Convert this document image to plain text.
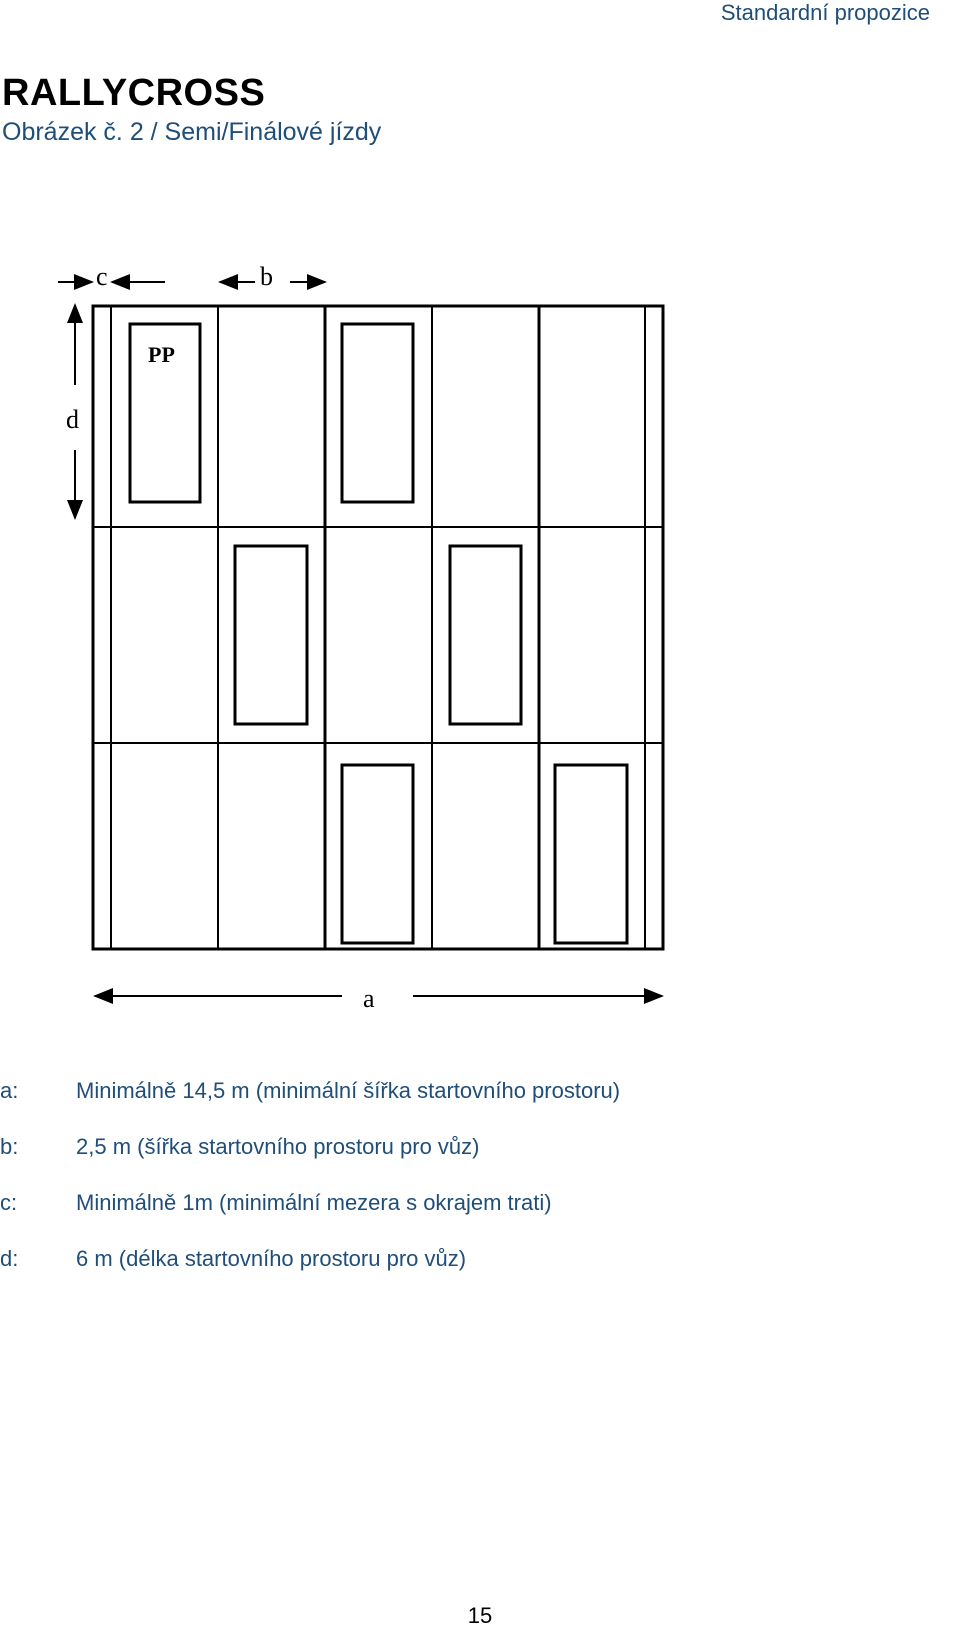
Standardní propozice
RALLYCROSS
Obrázek č. 2 / Semi/Finálové jízdy
c	b
d
PP
a
a:	Minimálně 14,5 m (minimální šířka startovního prostoru)
b:	2,5 m (šířka startovního prostoru pro vůz)
c:	Minimálně 1m (minimální mezera s okrajem trati)
d:	6 m (délka startovního prostoru pro vůz)
15
